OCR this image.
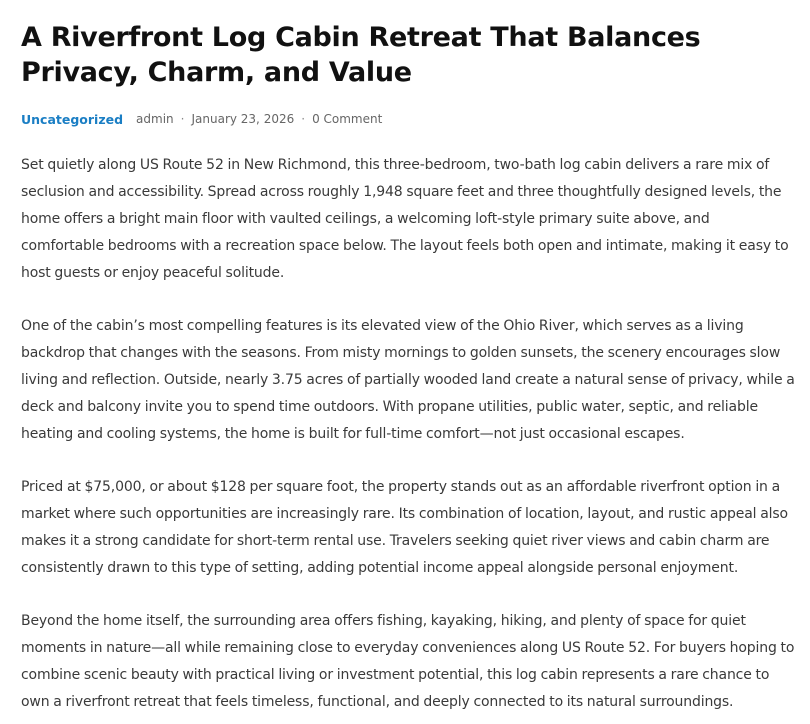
A Riverfront Log Cabin Retreat That Balances Privacy, Charm, and Value
Uncategorized admin · January 23, 2026 · 0 Comment

Set quietly along US Route 52 in New Richmond, this three-bedroom, two-bath log cabin delivers a rare mix of seclusion and accessibility. Spread across roughly 1,948 square feet and three thoughtfully designed levels, the home offers a bright main floor with vaulted ceilings, a welcoming loft-style primary suite above, and comfortable bedrooms with a recreation space below. The layout feels both open and intimate, making it easy to host guests or enjoy peaceful solitude.

One of the cabin’s most compelling features is its elevated view of the Ohio River, which serves as a living backdrop that changes with the seasons. From misty mornings to golden sunsets, the scenery encourages slow living and reflection. Outside, nearly 3.75 acres of partially wooded land create a natural sense of privacy, while a deck and balcony invite you to spend time outdoors. With propane utilities, public water, septic, and reliable heating and cooling systems, the home is built for full-time comfort—not just occasional escapes.

Priced at $75,000, or about $128 per square foot, the property stands out as an affordable riverfront option in a market where such opportunities are increasingly rare. Its combination of location, layout, and rustic appeal also makes it a strong candidate for short-term rental use. Travelers seeking quiet river views and cabin charm are consistently drawn to this type of setting, adding potential income appeal alongside personal enjoyment.

Beyond the home itself, the surrounding area offers fishing, kayaking, hiking, and plenty of space for quiet moments in nature—all while remaining close to everyday conveniences along US Route 52. For buyers hoping to combine scenic beauty with practical living or investment potential, this log cabin represents a rare chance to own a riverfront retreat that feels timeless, functional, and deeply connected to its natural surroundings.
